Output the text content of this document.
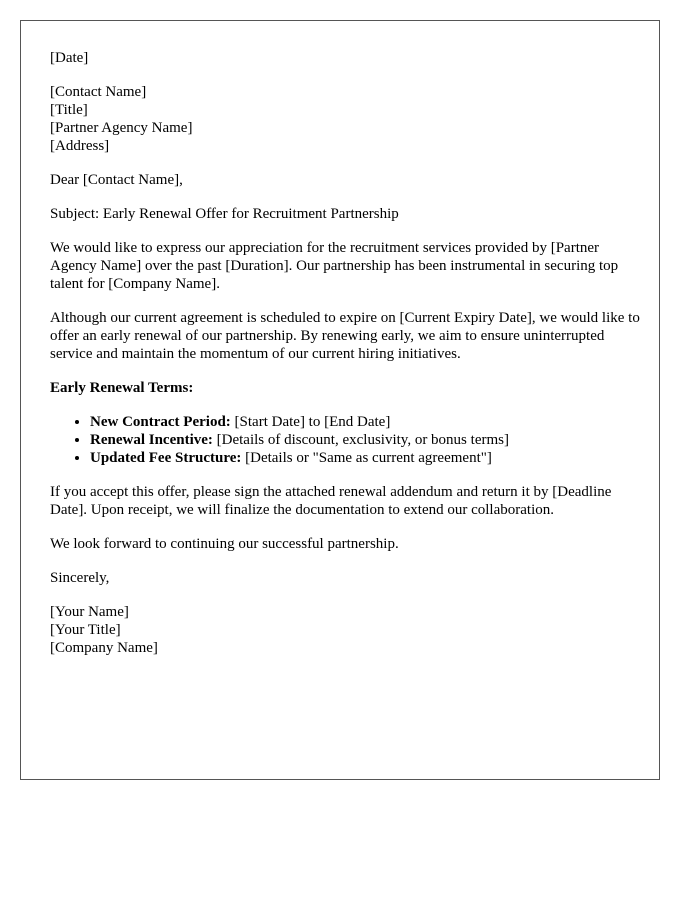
[Date]

[Contact Name]
[Title]
[Partner Agency Name]
[Address]

Dear [Contact Name],

Subject: Early Renewal Offer for Recruitment Partnership

We would like to express our appreciation for the recruitment services provided by [Partner Agency Name] over the past [Duration]. Our partnership has been instrumental in securing top talent for [Company Name].

Although our current agreement is scheduled to expire on [Current Expiry Date], we would like to offer an early renewal of our partnership. By renewing early, we aim to ensure uninterrupted service and maintain the momentum of our current hiring initiatives.

Early Renewal Terms:

• New Contract Period: [Start Date] to [End Date]
• Renewal Incentive: [Details of discount, exclusivity, or bonus terms]
• Updated Fee Structure: [Details or "Same as current agreement"]

If you accept this offer, please sign the attached renewal addendum and return it by [Deadline Date]. Upon receipt, we will finalize the documentation to extend our collaboration.

We look forward to continuing our successful partnership.

Sincerely,

[Your Name]
[Your Title]
[Company Name]
